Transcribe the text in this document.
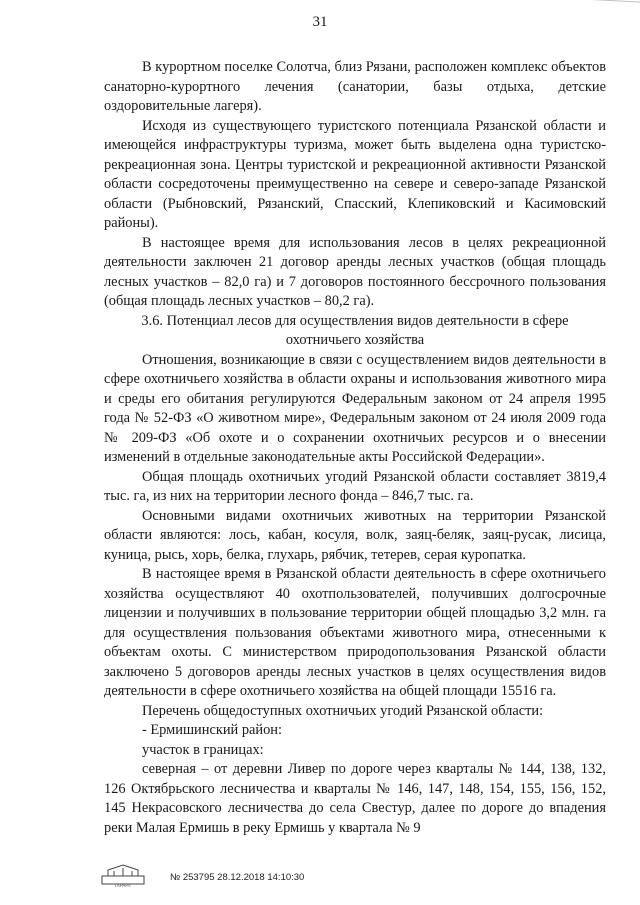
31

В курортном поселке Солотча, близ Рязани, расположен комплекс объектов санаторно-курортного лечения (санатории, базы отдыха, детские оздоровительные лагеря).

Исходя из существующего туристского потенциала Рязанской области и имеющейся инфраструктуры туризма, может быть выделена одна туристско-рекреационная зона. Центры туристской и рекреационной активности Рязанской области сосредоточены преимущественно на севере и северо-западе Рязанской области (Рыбновский, Рязанский, Спасский, Клепиковский и Касимовский районы).

В настоящее время для использования лесов в целях рекреационной деятельности заключен 21 договор аренды лесных участков (общая площадь лесных участков – 82,0 га) и 7 договоров постоянного бессрочного пользования (общая площадь лесных участков – 80,2 га).

3.6. Потенциал лесов для осуществления видов деятельности в сфере охотничьего хозяйства

Отношения, возникающие в связи с осуществлением видов деятельности в сфере охотничьего хозяйства в области охраны и использования животного мира и среды его обитания регулируются Федеральным законом от 24 апреля 1995 года № 52-ФЗ «О животном мире», Федеральным законом от 24 июля 2009 года № 209-ФЗ «Об охоте и о сохранении охотничьих ресурсов и о внесении изменений в отдельные законодательные акты Российской Федерации».

Общая площадь охотничьих угодий Рязанской области составляет 3819,4 тыс. га, из них на территории лесного фонда – 846,7 тыс. га.

Основными видами охотничьих животных на территории Рязанской области являются: лось, кабан, косуля, волк, заяц-беляк, заяц-русак, лисица, куница, рысь, хорь, белка, глухарь, рябчик, тетерев, серая куропатка.

В настоящее время в Рязанской области деятельность в сфере охотничьего хозяйства осуществляют 40 охотпользователей, получивших долгосрочные лицензии и получивших в пользование территории общей площадью 3,2 млн. га для осуществления пользования объектами животного мира, отнесенными к объектам охоты. С министерством природопользования Рязанской области заключено 5 договоров аренды лесных участков в целях осуществления видов деятельности в сфере охотничьего хозяйства на общей площади 15516 га.

Перечень общедоступных охотничьих угодий Рязанской области:

- Ермишинский район:

участок в границах:

северная – от деревни Ливер по дороге через кварталы № 144, 138, 132, 126 Октябрьского лесничества и кварталы № 146, 147, 148, 154, 155, 156, 152, 145 Некрасовского лесничества до села Свестур, далее по дороге до впадения реки Малая Ермишь в реку Ермишь у квартала № 9

ГАРАНТ
№ 253795 28.12.2018 14:10:30
